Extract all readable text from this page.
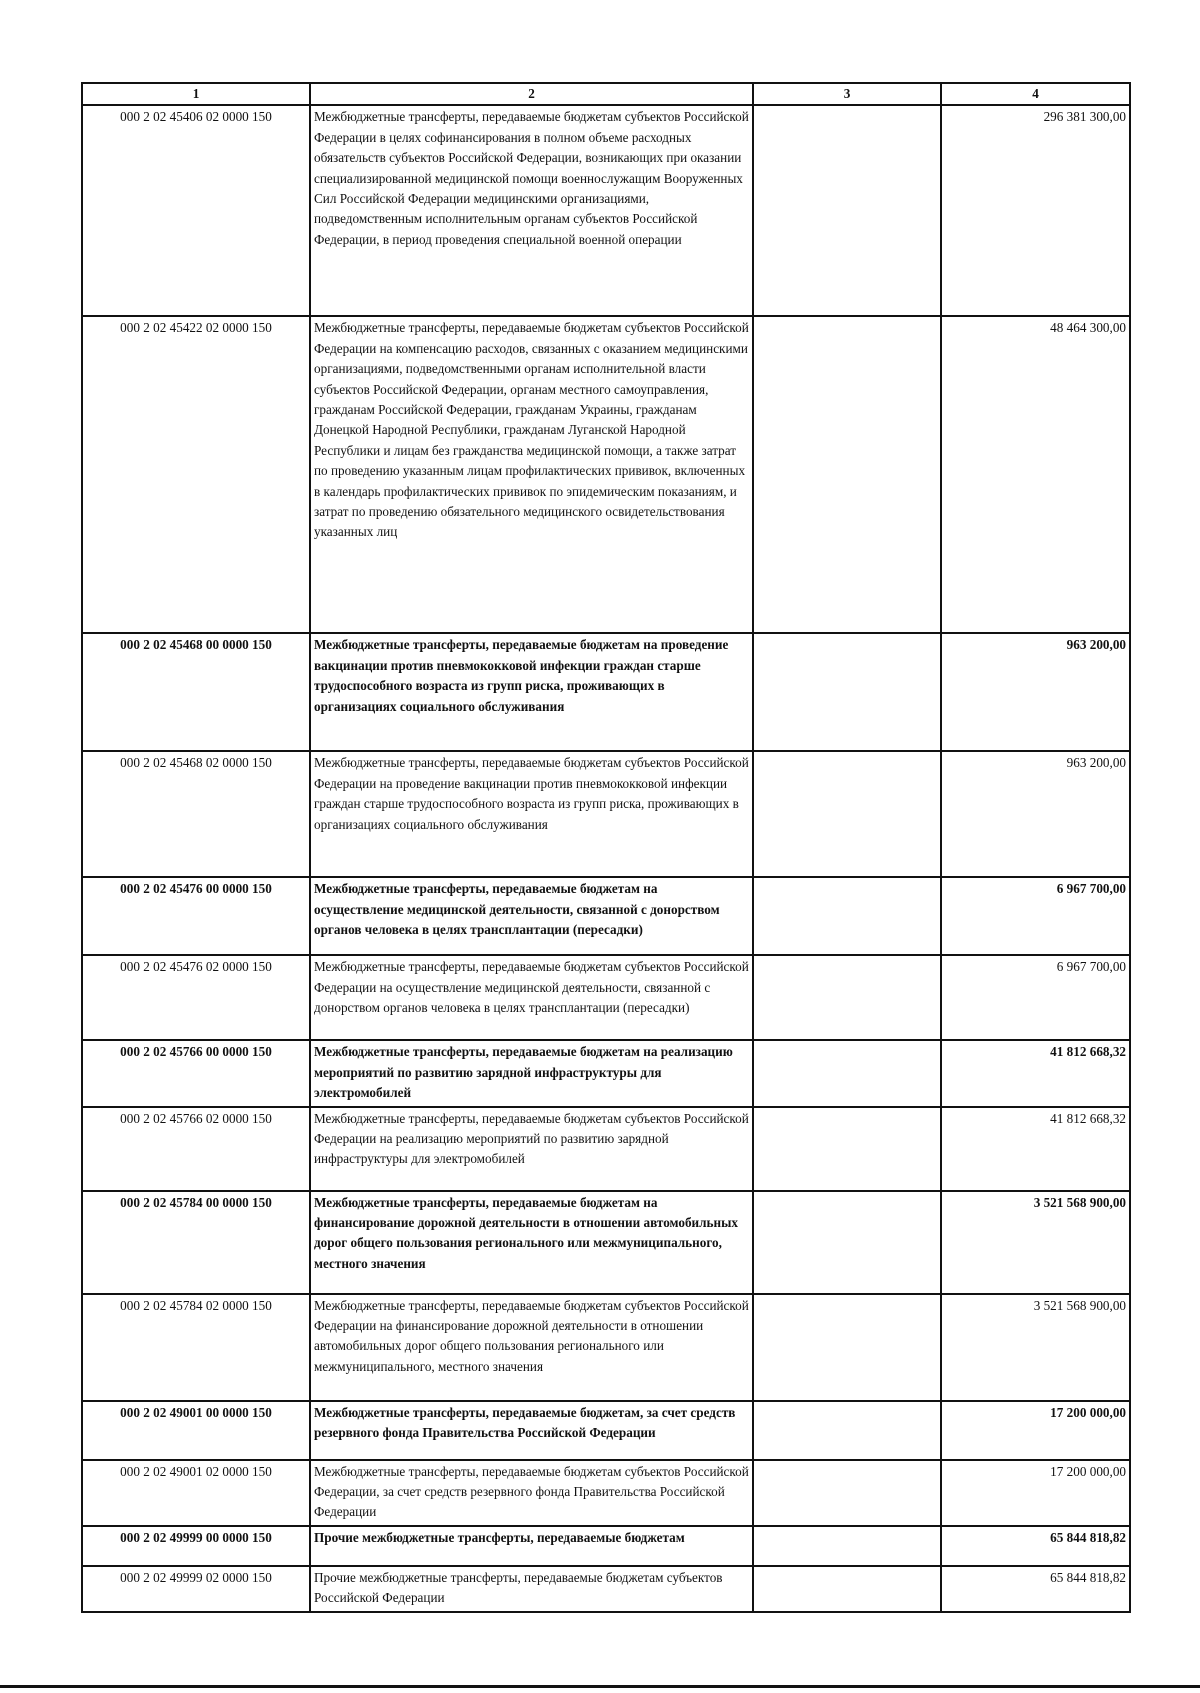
1	2	3	4
000 2 02 45406 02 0000 150	Межбюджетные трансферты, передаваемые бюджетам субъектов Российской Федерации в целях софинансирования в полном объеме расходных обязательств субъектов Российской Федерации, возникающих при оказании специализированной медицинской помощи военнослужащим Вооруженных Сил Российской Федерации медицинскими организациями, подведомственным исполнительным органам субъектов Российской Федерации, в период проведения специальной военной операции		296 381 300,00
000 2 02 45422 02 0000 150	Межбюджетные трансферты, передаваемые бюджетам субъектов Российской Федерации на компенсацию расходов, связанных с оказанием медицинскими организациями, подведомственными органам исполнительной власти субъектов Российской Федерации, органам местного самоуправления, гражданам Российской Федерации, гражданам Украины, гражданам Донецкой Народной Республики, гражданам Луганской Народной Республики и лицам без гражданства медицинской помощи, а также затрат по проведению указанным лицам профилактических прививок, включенных в календарь профилактических прививок по эпидемическим показаниям, и затрат по проведению обязательного медицинского освидетельствования указанных лиц		48 464 300,00
000 2 02 45468 00 0000 150	Межбюджетные трансферты, передаваемые бюджетам на проведение вакцинации против пневмококковой инфекции граждан старше трудоспособного возраста из групп риска, проживающих в организациях социального обслуживания		963 200,00
000 2 02 45468 02 0000 150	Межбюджетные трансферты, передаваемые бюджетам субъектов Российской Федерации на проведение вакцинации против пневмококковой инфекции граждан старше трудоспособного возраста из групп риска, проживающих в организациях социального обслуживания		963 200,00
000 2 02 45476 00 0000 150	Межбюджетные трансферты, передаваемые бюджетам на осуществление медицинской деятельности, связанной с донорством органов человека в целях трансплантации (пересадки)		6 967 700,00
000 2 02 45476 02 0000 150	Межбюджетные трансферты, передаваемые бюджетам субъектов Российской Федерации на осуществление медицинской деятельности, связанной с донорством органов человека в целях трансплантации (пересадки)		6 967 700,00
000 2 02 45766 00 0000 150	Межбюджетные трансферты, передаваемые бюджетам на реализацию мероприятий по развитию зарядной инфраструктуры для электромобилей		41 812 668,32
000 2 02 45766 02 0000 150	Межбюджетные трансферты, передаваемые бюджетам субъектов Российской Федерации на реализацию мероприятий по развитию зарядной инфраструктуры для электромобилей		41 812 668,32
000 2 02 45784 00 0000 150	Межбюджетные трансферты, передаваемые бюджетам на финансирование дорожной деятельности в отношении автомобильных дорог общего пользования регионального или межмуниципального, местного значения		3 521 568 900,00
000 2 02 45784 02 0000 150	Межбюджетные трансферты, передаваемые бюджетам субъектов Российской Федерации на финансирование дорожной деятельности в отношении автомобильных дорог общего пользования регионального или межмуниципального, местного значения		3 521 568 900,00
000 2 02 49001 00 0000 150	Межбюджетные трансферты, передаваемые бюджетам, за счет средств резервного фонда Правительства Российской Федерации		17 200 000,00
000 2 02 49001 02 0000 150	Межбюджетные трансферты, передаваемые бюджетам субъектов Российской Федерации, за счет средств резервного фонда Правительства Российской Федерации		17 200 000,00
000 2 02 49999 00 0000 150	Прочие межбюджетные трансферты, передаваемые бюджетам		65 844 818,82
000 2 02 49999 02 0000 150	Прочие межбюджетные трансферты, передаваемые бюджетам субъектов Российской Федерации		65 844 818,82
